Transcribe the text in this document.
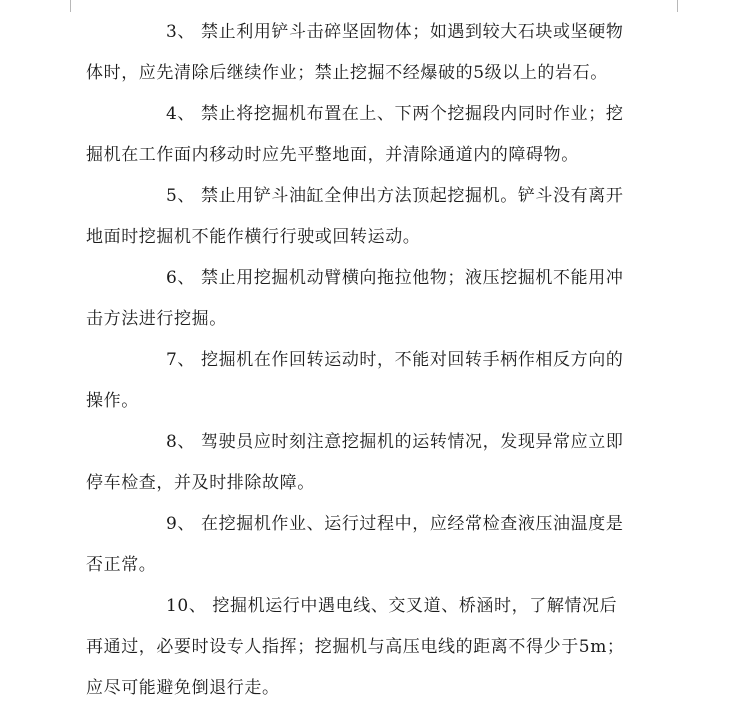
3、 禁止利用铲斗击碎坚固物体；如遇到较大石块或坚硬物
体时，应先清除后继续作业；禁止挖掘不经爆破的5级以上的岩石。
4、 禁止将挖掘机布置在上、下两个挖掘段内同时作业；挖
掘机在工作面内移动时应先平整地面，并清除通道内的障碍物。
5、 禁止用铲斗油缸全伸出方法顶起挖掘机。铲斗没有离开
地面时挖掘机不能作横行行驶或回转运动。
6、 禁止用挖掘机动臂横向拖拉他物；液压挖掘机不能用冲
击方法进行挖掘。
7、 挖掘机在作回转运动时，不能对回转手柄作相反方向的
操作。
8、 驾驶员应时刻注意挖掘机的运转情况，发现异常应立即
停车检查，并及时排除故障。
9、 在挖掘机作业、运行过程中，应经常检查液压油温度是
否正常。
10、 挖掘机运行中遇电线、交叉道、桥涵时，了解情况后
再通过，必要时设专人指挥；挖掘机与高压电线的距离不得少于5m；
应尽可能避免倒退行走。
